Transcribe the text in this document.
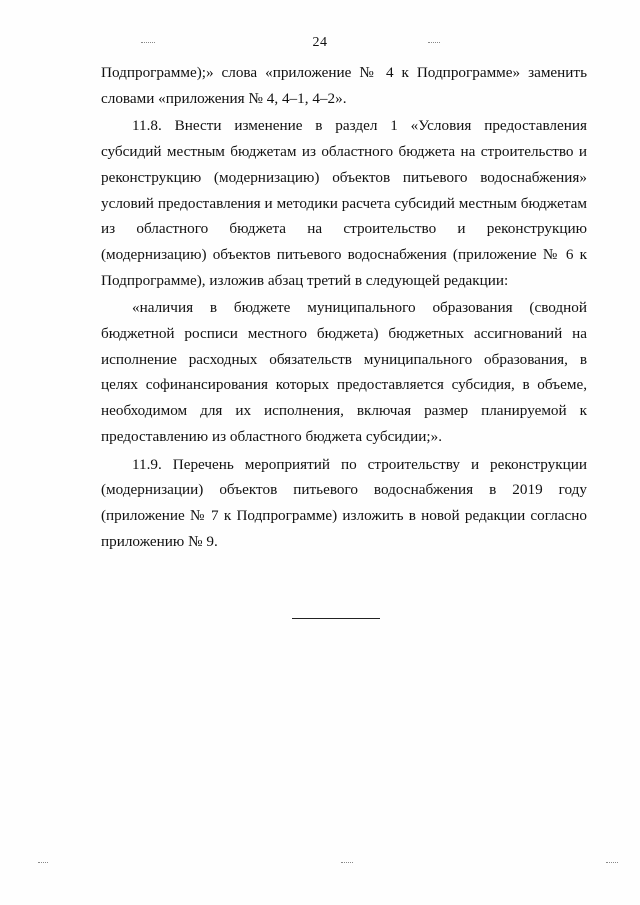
24

Подпрограмме);» слова «приложение № 4 к Подпрограмме» заменить словами «приложения № 4, 4–1, 4–2».

11.8. Внести изменение в раздел 1 «Условия предоставления субсидий местным бюджетам из областного бюджета на строительство и реконструкцию (модернизацию) объектов питьевого водоснабжения» условий предоставления и методики расчета субсидий местным бюджетам из областного бюджета на строительство и реконструкцию (модернизацию) объектов питьевого водоснабжения (приложение № 6 к Подпрограмме), изложив абзац третий в следующей редакции:

«наличия в бюджете муниципального образования (сводной бюджетной росписи местного бюджета) бюджетных ассигнований на исполнение расходных обязательств муниципального образования, в целях софинансирования которых предоставляется субсидия, в объеме, необходимом для их исполнения, включая размер планируемой к предоставлению из областного бюджета субсидии;».

11.9. Перечень мероприятий по строительству и реконструкции (модернизации) объектов питьевого водоснабжения в 2019 году (приложение № 7 к Подпрограмме) изложить в новой редакции согласно приложению № 9.
